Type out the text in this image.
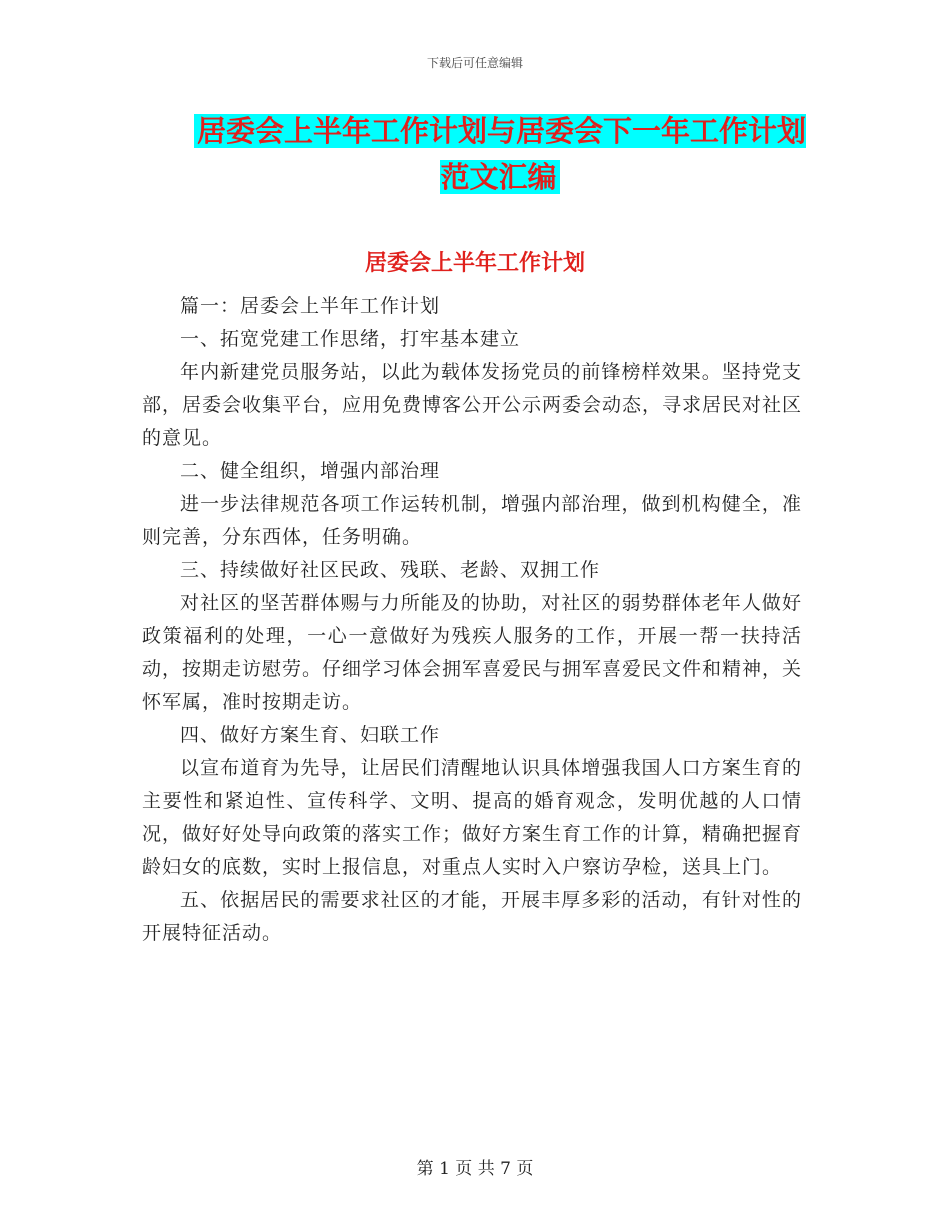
下载后可任意编辑
居委会上半年工作计划与居委会下一年工作计划范文汇编
居委会上半年工作计划

篇一：居委会上半年工作计划

一、拓宽党建工作思绪，打牢基本建立

年内新建党员服务站，以此为载体发扬党员的前锋榜样效果。坚持党支部，居委会收集平台，应用免费博客公开公示两委会动态，寻求居民对社区的意见。

二、健全组织，增强内部治理

进一步法律规范各项工作运转机制，增强内部治理，做到机构健全，准则完善，分东西体，任务明确。

三、持续做好社区民政、残联、老龄、双拥工作

对社区的坚苦群体赐与力所能及的协助，对社区的弱势群体老年人做好政策福利的处理，一心一意做好为残疾人服务的工作，开展一帮一扶持活动，按期走访慰劳。仔细学习体会拥军喜爱民与拥军喜爱民文件和精神，关怀军属，准时按期走访。

四、做好方案生育、妇联工作

以宣布道育为先导，让居民们清醒地认识具体增强我国人口方案生育的主要性和紧迫性、宣传科学、文明、提高的婚育观念，发明优越的人口情况，做好好处导向政策的落实工作；做好方案生育工作的计算，精确把握育龄妇女的底数，实时上报信息，对重点人实时入户察访孕检，送具上门。

五、依据居民的需要求社区的才能，开展丰厚多彩的活动，有针对性的开展特征活动。

第 1 页 共 7 页
